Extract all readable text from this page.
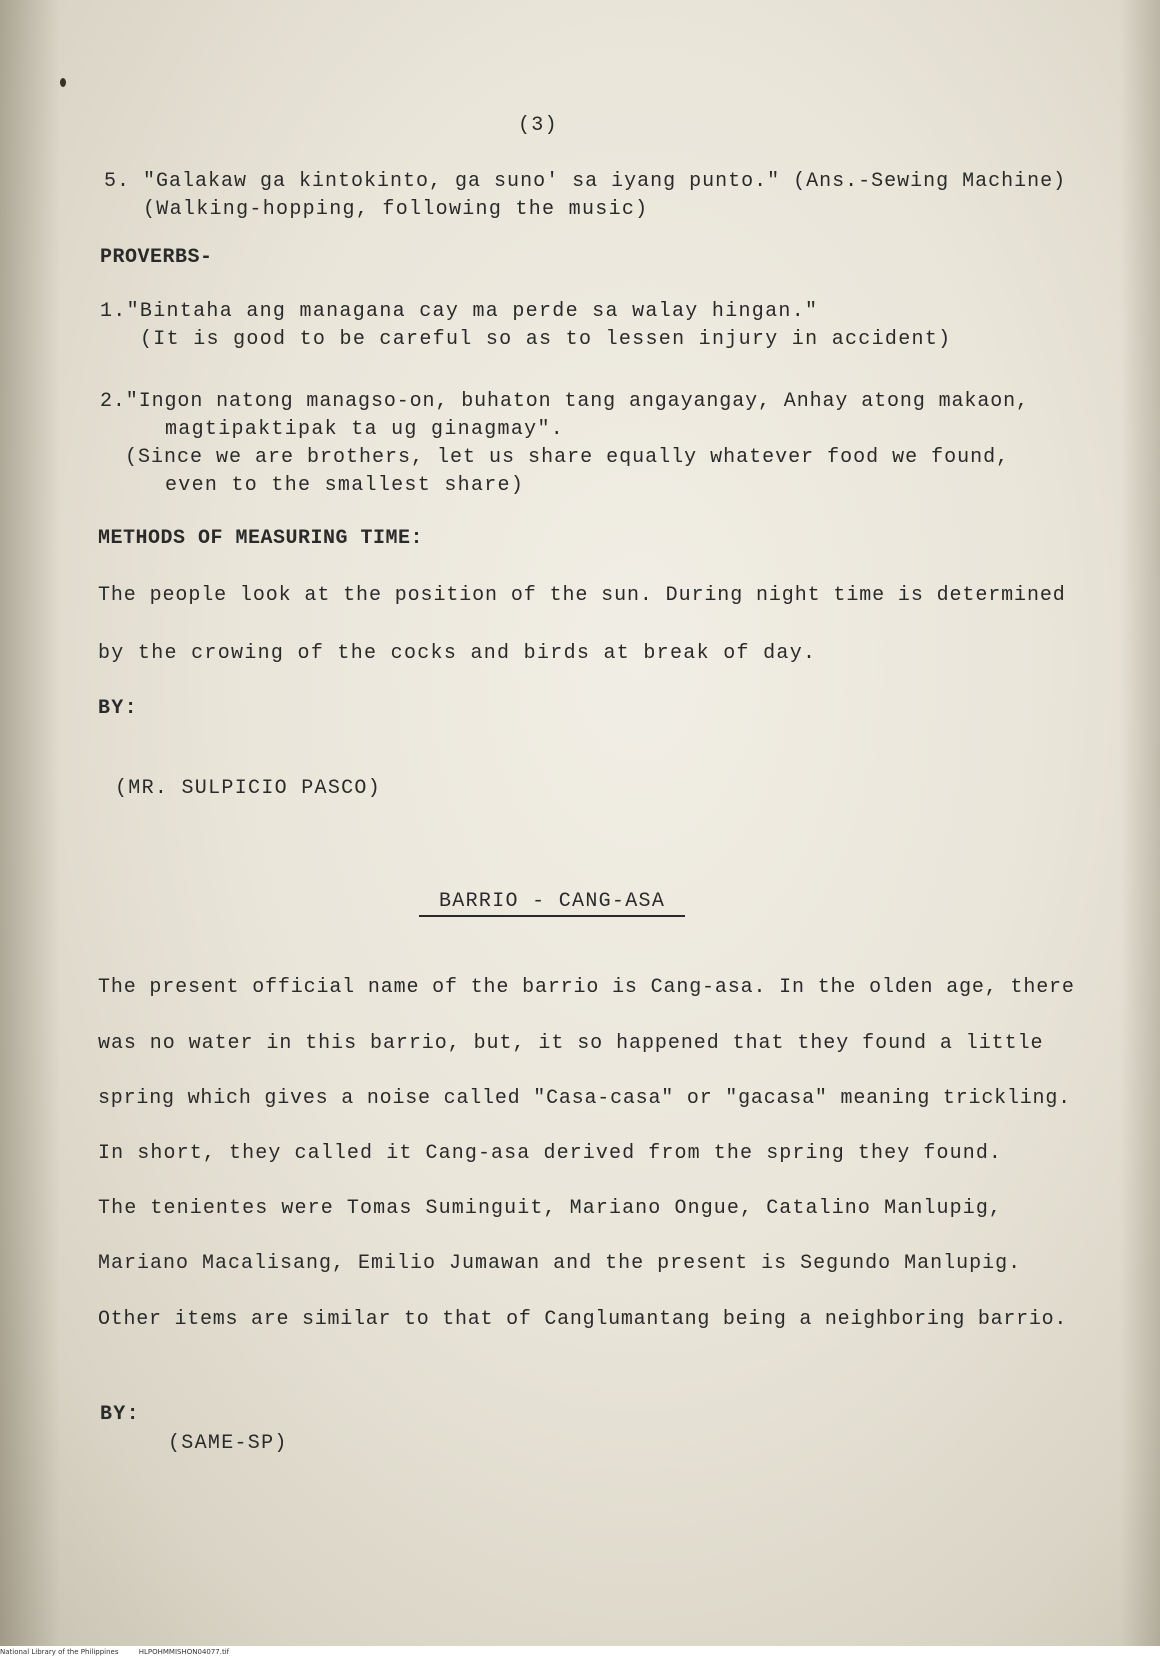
(3)
5. "Galakaw ga kintokinto, ga suno' sa iyang punto." (Ans.-Sewing Machine)
(Walking-hopping, following the music)
PROVERBS-
1."Bintaha ang managana cay ma perde sa walay hingan."
(It is good to be careful so as to lessen injury in accident)
2."Ingon natong managso-on, buhaton tang angayangay, Anhay atong makaon,
magtipaktipak ta ug ginagmay".
(Since we are brothers, let us share equally whatever food we found,
even to the smallest share)
METHODS OF MEASURING TIME:
The people look at the position of the sun. During night time is determined
by the crowing of the cocks and birds at break of day.
BY:
(MR. SULPICIO PASCO)
BARRIO - CANG-ASA
The present official name of the barrio is Cang-asa. In the olden age, there
was no water in this barrio, but, it so happened that they found a little
spring which gives a noise called "Casa-casa" or "gacasa" meaning trickling.
In short, they called it Cang-asa derived from the spring they found.
The tenientes were Tomas Suminguit, Mariano Ongue, Catalino Manlupig,
Mariano Macalisang, Emilio Jumawan and the present is Segundo Manlupig.
Other items are similar to that of Canglumantang being a neighboring barrio.
BY:
(SAME-SP)
National Library of the Philippines	HLPOHMMISHON04077.tif
